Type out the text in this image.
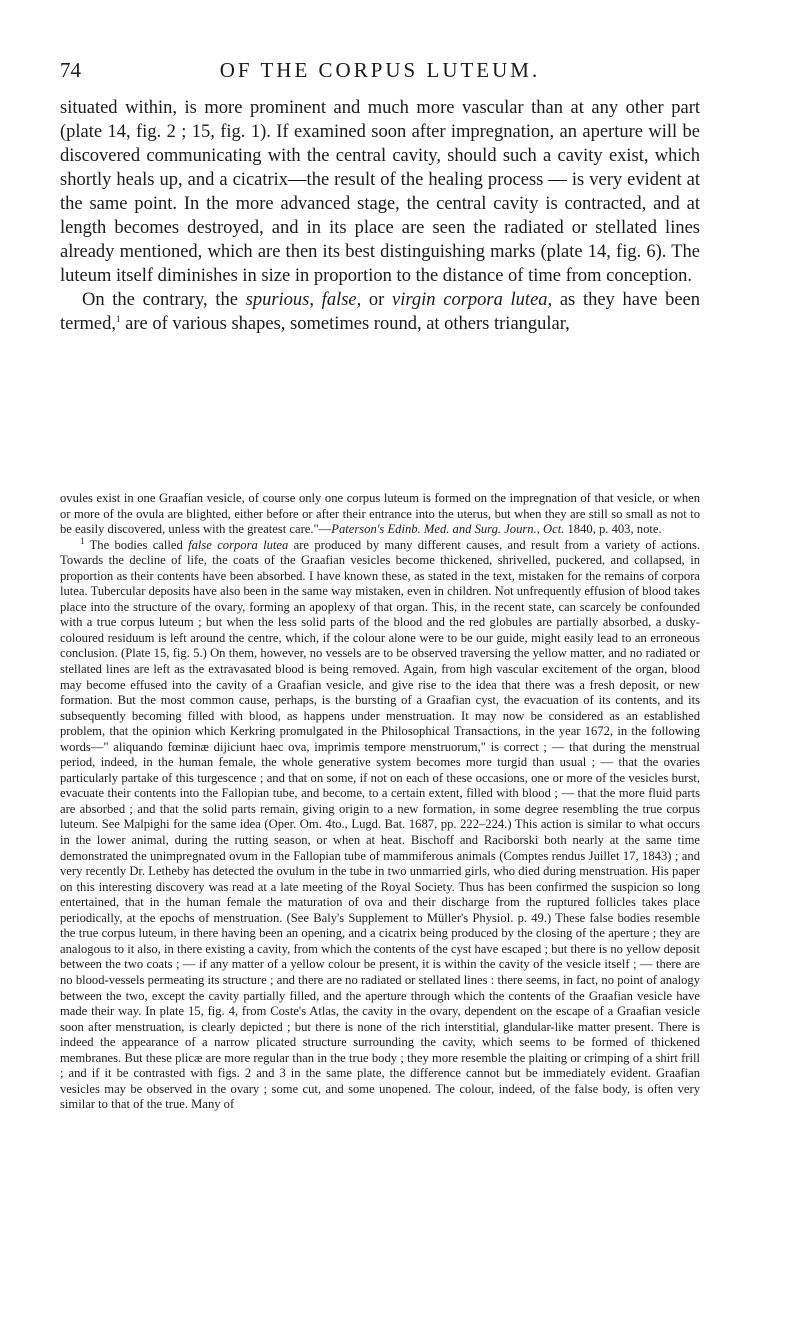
74	OF THE CORPUS LUTEUM.

situated within, is more prominent and much more vascular than at any other part (plate 14, fig. 2 ; 15, fig. 1). If examined soon after impregnation, an aperture will be discovered communicating with the central cavity, should such a cavity exist, which shortly heals up, and a cicatrix—the result of the healing process — is very evident at the same point. In the more advanced stage, the central cavity is contracted, and at length becomes destroyed, and in its place are seen the radiated or stellated lines already mentioned, which are then its best distinguishing marks (plate 14, fig. 6). The luteum itself diminishes in size in proportion to the distance of time from conception.

On the contrary, the spurious, false, or virgin corpora lutea, as they have been termed,$^1$ are of various shapes, sometimes round, at others triangular,

ovules exist in one Graafian vesicle, of course only one corpus luteum is formed on the impregnation of that vesicle, or when or more of the ovula are blighted, either before or after their entrance into the uterus, but when they are still so small as not to be easily discovered, unless with the greatest care."—Paterson's Edinb. Med. and Surg. Journ., Oct. 1840, p. 403, note.

$^1$ The bodies called false corpora lutea are produced by many different causes, and result from a variety of actions. Towards the decline of life, the coats of the Graafian vesicles become thickened, shrivelled, puckered, and collapsed, in proportion as their contents have been absorbed. I have known these, as stated in the text, mistaken for the remains of corpora lutea. Tubercular deposits have also been in the same way mistaken, even in children. Not unfrequently effusion of blood takes place into the structure of the ovary, forming an apoplexy of that organ. This, in the recent state, can scarcely be confounded with a true corpus luteum ; but when the less solid parts of the blood and the red globules are partially absorbed, a dusky-coloured residuum is left around the centre, which, if the colour alone were to be our guide, might easily lead to an erroneous conclusion. (Plate 15, fig. 5.) On them, however, no vessels are to be observed traversing the yellow matter, and no radiated or stellated lines are left as the extravasated blood is being removed. Again, from high vascular excitement of the organ, blood may become effused into the cavity of a Graafian vesicle, and give rise to the idea that there was a fresh deposit, or new formation. But the most common cause, perhaps, is the bursting of a Graafian cyst, the evacuation of its contents, and its subsequently becoming filled with blood, as happens under menstruation. It may now be considered as an established problem, that the opinion which Kerkring promulgated in the Philosophical Transactions, in the year 1672, in the following words—" aliquando fœminæ dijiciunt haec ova, imprimis tempore menstruorum," is correct ; — that during the menstrual period, indeed, in the human female, the whole generative system becomes more turgid than usual ; — that the ovaries particularly partake of this turgescence ; and that on some, if not on each of these occasions, one or more of the vesicles burst, evacuate their contents into the Fallopian tube, and become, to a certain extent, filled with blood ; — that the more fluid parts are absorbed ; and that the solid parts remain, giving origin to a new formation, in some degree resembling the true corpus luteum. See Malpighi for the same idea (Oper. Om. 4to., Lugd. Bat. 1687, pp. 222–224.) This action is similar to what occurs in the lower animal, during the rutting season, or when at heat. Bischoff and Raciborski both nearly at the same time demonstrated the unimpregnated ovum in the Fallopian tube of mammiferous animals (Comptes rendus Juillet 17, 1843) ; and very recently Dr. Letheby has detected the ovulum in the tube in two unmarried girls, who died during menstruation. His paper on this interesting discovery was read at a late meeting of the Royal Society. Thus has been confirmed the suspicion so long entertained, that in the human female the maturation of ova and their discharge from the ruptured follicles takes place periodically, at the epochs of menstruation. (See Baly's Supplement to Müller's Physiol. p. 49.) These false bodies resemble the true corpus luteum, in there having been an opening, and a cicatrix being produced by the closing of the aperture ; they are analogous to it also, in there existing a cavity, from which the contents of the cyst have escaped ; but there is no yellow deposit between the two coats ; — if any matter of a yellow colour be present, it is within the cavity of the vesicle itself ; — there are no blood-vessels permeating its structure ; and there are no radiated or stellated lines : there seems, in fact, no point of analogy between the two, except the cavity partially filled, and the aperture through which the contents of the Graafian vesicle have made their way. In plate 15, fig. 4, from Coste's Atlas, the cavity in the ovary, dependent on the escape of a Graafian vesicle soon after menstruation, is clearly depicted ; but there is none of the rich interstitial, glandular-like matter present. There is indeed the appearance of a narrow plicated structure surrounding the cavity, which seems to be formed of thickened membranes. But these plicæ are more regular than in the true body ; they more resemble the plaiting or crimping of a shirt frill ; and if it be contrasted with figs. 2 and 3 in the same plate, the difference cannot but be immediately evident. Graafian vesicles may be observed in the ovary ; some cut, and some unopened. The colour, indeed, of the false body, is often very similar to that of the true. Many of
